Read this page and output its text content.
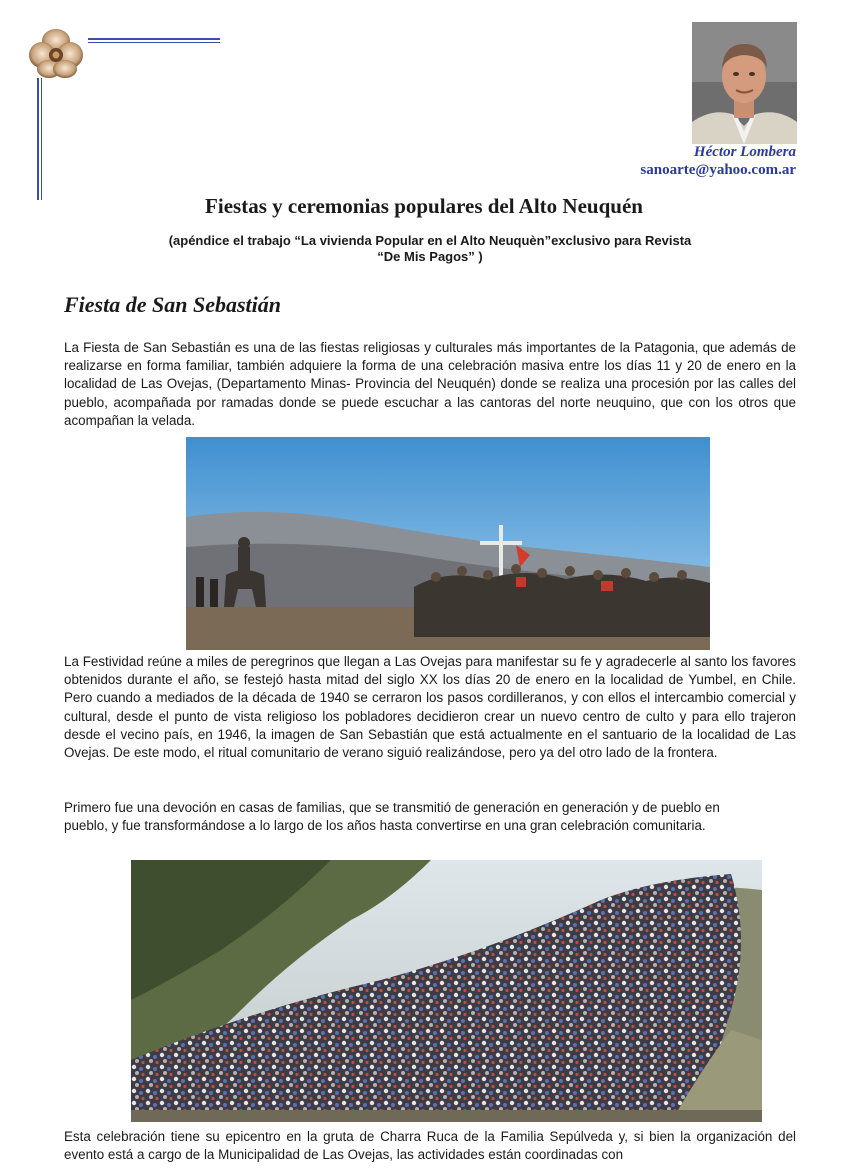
Héctor Lombera
sanoarte@yahoo.com.ar
Fiestas y ceremonias populares del Alto Neuquén
(apéndice el trabajo “La vivienda Popular en el Alto Neuquèn”exclusivo para Revista
“De Mis Pagos” )
Fiesta de San Sebastián

La Fiesta de San Sebastián es una de las fiestas religiosas y culturales más importantes de la Patagonia, que además de realizarse en forma familiar, también adquiere la forma de una celebración masiva entre los días 11 y 20 de enero en la localidad de Las Ovejas, (Departamento Minas- Provincia del Neuquén) donde se realiza una procesión por las calles del pueblo, acompañada por ramadas donde se puede escuchar a las cantoras del norte neuquino, que con los otros que acompañan la velada.

La Festividad reúne a miles de peregrinos que llegan a Las Ovejas para manifestar su fe y agradecerle al santo los favores obtenidos durante el año, se festejó hasta mitad del siglo XX los días 20 de enero en la localidad de Yumbel, en Chile. Pero cuando a mediados de la década de 1940 se cerraron los pasos cordilleranos, y con ellos el intercambio comercial y cultural, desde el punto de vista religioso los pobladores decidieron crear un nuevo centro de culto y para ello trajeron desde el vecino país, en 1946, la imagen de San Sebastián que está actualmente en el santuario de la localidad de Las Ovejas. De este modo, el ritual comunitario de verano siguió realizándose, pero ya del otro lado de la frontera.

Primero fue una devoción en casas de familias, que se transmitió de generación en generación y de pueblo en pueblo, y fue transformándose a lo largo de los años hasta convertirse en una gran celebración comunitaria.

Esta celebración tiene su epicentro en la gruta de Charra Ruca de la Familia Sepúlveda y, si bien la organización del evento está a cargo de la Municipalidad de Las Ovejas, las actividades están coordinadas con
